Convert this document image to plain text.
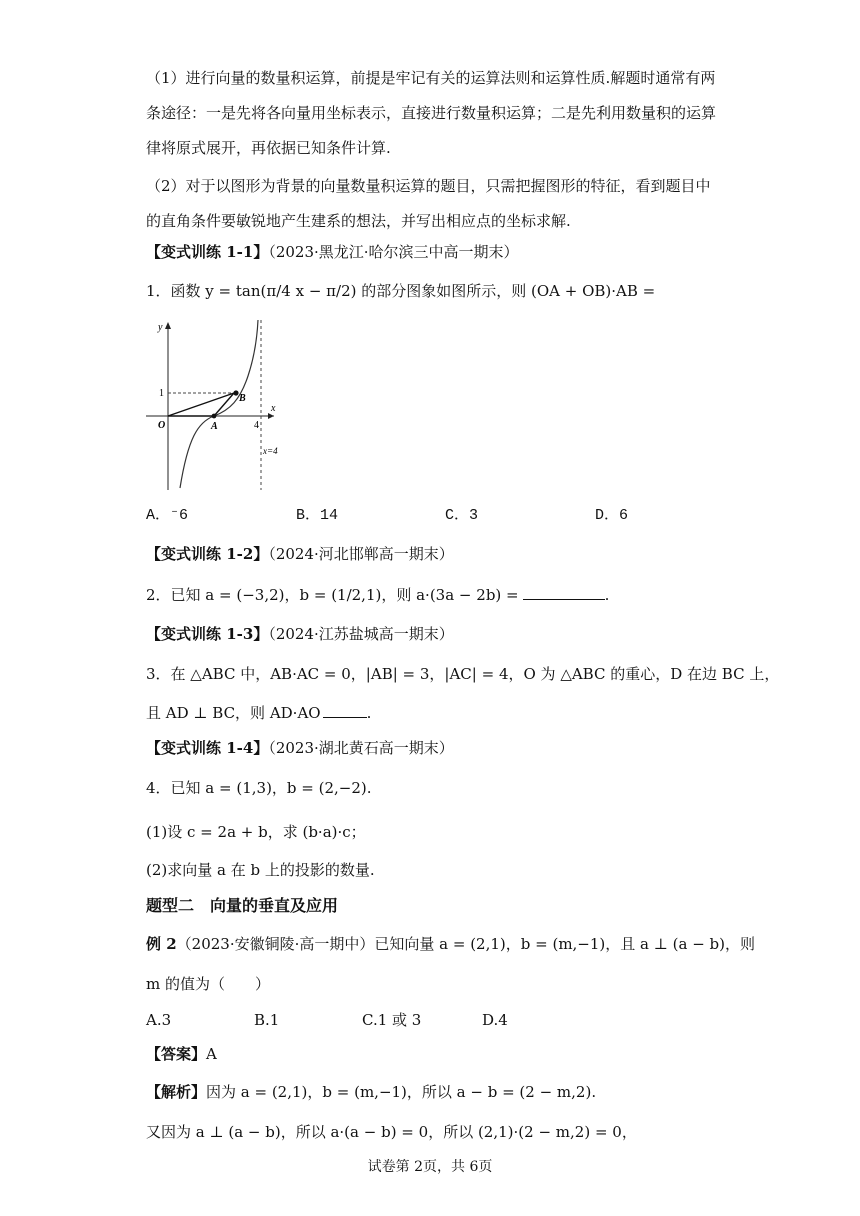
（1）进行向量的数量积运算，前提是牢记有关的运算法则和运算性质.解题时通常有两
条途径：一是先将各向量用坐标表示，直接进行数量积运算；二是先利用数量积的运算
律将原式展开，再依据已知条件计算.
（2）对于以图形为背景的向量数量积运算的题目，只需把握图形的特征，看到题目中
的直角条件要敏锐地产生建系的想法，并写出相应点的坐标求解.
【变式训练 1-1】（2023·黑龙江·哈尔滨三中高一期末）
1．函数 y = tan(π/4 x − π/2) 的部分图象如图所示，则 (OA + OB)·AB =
y
x
O
1
4
A
B
x=4
A．⁻6	B．14	C．3	D．6
【变式训练 1-2】（2024·河北邯郸高一期末）
2．已知 a = (−3,2)，b = (1/2,1)，则 a·(3a − 2b) =	.
【变式训练 1-3】（2024·江苏盐城高一期末）
3．在 △ABC 中，AB·AC = 0，|AB| = 3，|AC| = 4，O 为 △ABC 的重心，D 在边 BC 上，
且 AD ⊥ BC，则 AD·AO	.
【变式训练 1-4】（2023·湖北黄石高一期末）
4．已知 a = (1,3)，b = (2,−2).
(1)设 c = 2a + b，求 (b·a)·c；
(2)求向量 a 在 b 上的投影的数量.
题型二　向量的垂直及应用
例 2（2023·安徽铜陵·高一期中）已知向量 a = (2,1)，b = (m,−1)，且 a ⊥ (a − b)，则
m 的值为（　　）
A.3	B.1	C.1 或 3	D.4
【答案】A
【解析】因为 a = (2,1)，b = (m,−1)，所以 a − b = (2 − m,2).
又因为 a ⊥ (a − b)，所以 a·(a − b) = 0，所以 (2,1)·(2 − m,2) = 0，
试卷第 2页，共 6页
